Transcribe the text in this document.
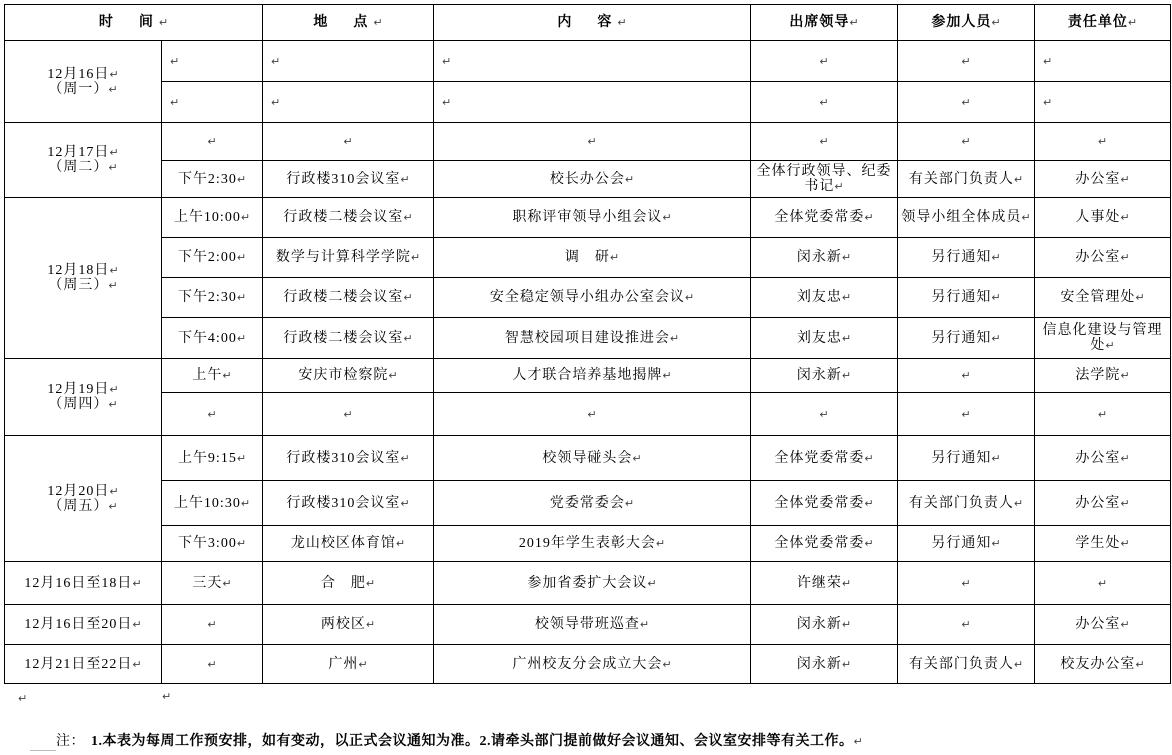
时　间↵		地　点↵	内　容↵	出席领导↵	参加人员↵	责任单位↵

12月16日↵
（周一）↵	↵	↵	↵	↵	↵	↵
	↵	↵	↵	↵	↵	↵

12月17日↵
（周二）↵	↵	↵	↵	↵	↵	↵
	下午2:30↵	行政楼310会议室↵	校长办公会↵	全体行政领导、纪委书记↵	有关部门负责人↵	办公室↵

12月18日↵
（周三）↵	上午10:00↵	行政楼二楼会议室↵	职称评审领导小组会议↵	全体党委常委↵	领导小组全体成员↵	人事处↵
	下午2:00↵	数学与计算科学学院↵	调　研↵	闵永新↵	另行通知↵	办公室↵
	下午2:30↵	行政楼二楼会议室↵	安全稳定领导小组办公室会议↵	刘友忠↵	另行通知↵	安全管理处↵
	下午4:00↵	行政楼二楼会议室↵	智慧校园项目建设推进会↵	刘友忠↵	另行通知↵	信息化建设与管理处↵

12月19日↵
（周四）↵	上午↵	安庆市检察院↵	人才联合培养基地揭牌↵	闵永新↵	↵	法学院↵
	↵	↵	↵	↵	↵	↵

12月20日↵
（周五）↵	上午9:15↵	行政楼310会议室↵	校领导碰头会↵	全体党委常委↵	另行通知↵	办公室↵
	上午10:30↵	行政楼310会议室↵	党委常委会↵	全体党委常委↵	有关部门负责人↵	办公室↵
	下午3:00↵	龙山校区体育馆↵	2019年学生表彰大会↵	全体党委常委↵	另行通知↵	学生处↵
12月16日至18日↵	三天↵	合　肥↵	参加省委扩大会议↵	许继荣↵	↵	↵
12月16日至20日↵	↵	两校区↵	校领导带班巡查↵	闵永新↵	↵	办公室↵
12月21日至22日↵	↵	广州↵	广州校友分会成立大会↵	闵永新↵	有关部门负责人↵	校友办公室↵
↵	↵
注： 1.本表为每周工作预安排，如有变动，以正式会议通知为准。2.请牵头部门提前做好会议通知、会议室安排等有关工作。↵
